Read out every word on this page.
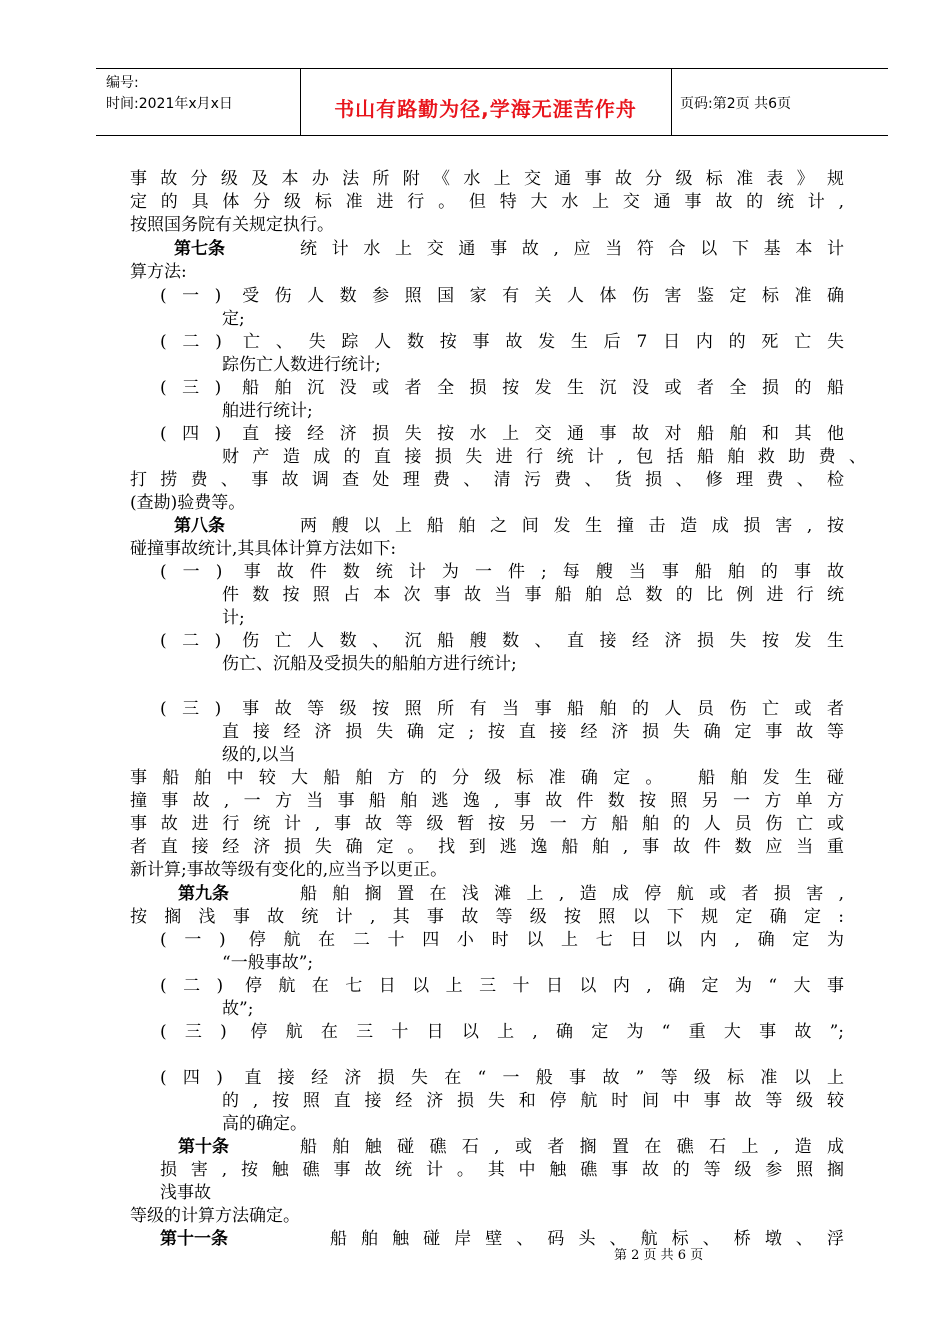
编号:
时间:2021年x月x日	书山有路勤为径,学海无涯苦作舟	页码:第2页 共6页
事故分级及本办法所附《水上交通事故分级标准表》规
定的具体分级标准进行。但特大水上交通事故的统计,
按照国务院有关规定执行。
第七条	统计水上交通事故,应当符合以下基本计
算方法:
(一) 受伤人数参照国家有关人体伤害鉴定标准确
定;
(二) 亡、失踪人数按事故发生后7日内的死亡失
踪伤亡人数进行统计;
(三) 船舶沉没或者全损按发生沉没或者全损的船
舶进行统计;
(四) 直接经济损失按水上交通事故对船舶和其他
财产造成的直接损失进行统计,包括船舶救助费、
打捞费、事故调查处理费、清污费、货损、修理费、检
(查勘)验费等。
第八条	两艘以上船舶之间发生撞击造成损害,按
碰撞事故统计,其具体计算方法如下:
(一) 事故件数统计为一件;每艘当事船舶的事故
件数按照占本次事故当事船舶总数的比例进行统
计;
(二) 伤亡人数、沉船艘数、直接经济损失按发生
伤亡、沉船及受损失的船舶方进行统计;
(三) 事故等级按照所有当事船舶的人员伤亡或者
直接经济损失确定;按直接经济损失确定事故等
级的,以当
事船舶中较大船舶方的分级标准确定。 船舶发生碰
撞事故,一方当事船舶逃逸,事故件数按照另一方单方
事故进行统计,事故等级暂按另一方船舶的人员伤亡或
者直接经济损失确定。找到逃逸船舶,事故件数应当重
新计算;事故等级有变化的,应当予以更正。
第九条	船舶搁置在浅滩上,造成停航或者损害,
按搁浅事故统计,其事故等级按照以下规定确定:
(一) 停航在二十四小时以上七日以内,确定为
“一般事故”;
(二) 停航在七日以上三十日以内,确定为“大事
故”;
(三) 停航在三十日以上,确定为“重大事故”;
(四) 直接经济损失在“一般事故”等级标准以上
的,按照直接经济损失和停航时间中事故等级较
高的确定。
第十条	船舶触碰礁石,或者搁置在礁石上,造成
损害,按触礁事故统计。其中触礁事故的等级参照搁
浅事故
等级的计算方法确定。
第十一条	船舶触碰岸壁、码头、航标、桥墩、浮
第 2 页 共 6 页
